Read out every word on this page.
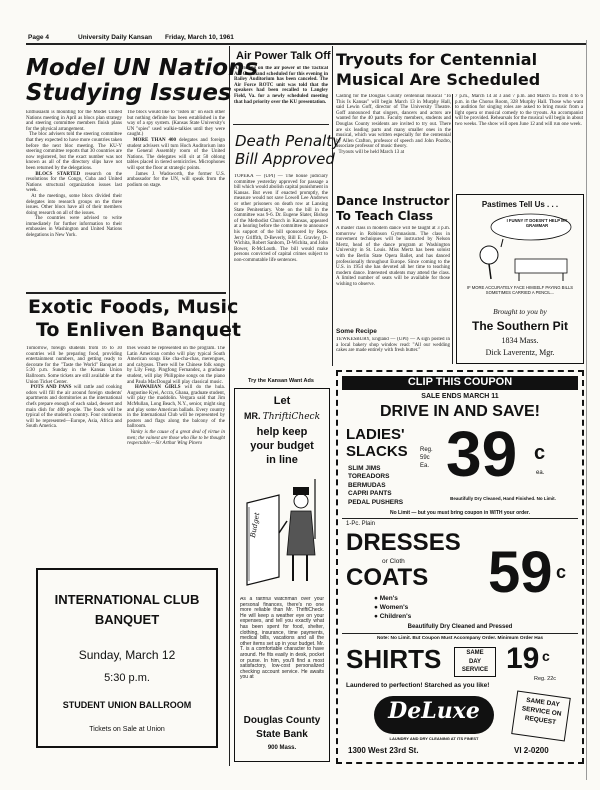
Page 4	University Daily Kansan Friday, March 10, 1961
Model UN Nations
Studying Issues
Enthusiasm is mounting for the Model United Nations meeting in April as blocs plan strategy and steering committee members finish plans for the physical arrangement.
The bloc advisers told the steering committee that they expected to have more countries taken before the next bloc meeting. The KU-Y steering committee reports that 30 countries are now registered, but the exact number was not known as all of the directory slips have not been returned by the delegations.
BLOCS STARTED research on the resolutions for the Congo, Cuba and United Nations structural organization issues last week.
At the meetings, some blocs divided their delegates into research groups on the three issues. Other blocs have all of their members doing research on all of the issues.
The countries were advised to write immediately for further information to their embassies in Washington and United Nations delegations in New York.
The blocs would like to "listen in" on each other but nothing definite has been established in the way of a spy system. (Kansas State University's UN "spies" used walkie-talkies until they were caught.)
MORE THAN 400 delegates and foreign student advisers will turn Hoch Auditorium into the General Assembly room of the United Nations. The delegates will sit at 50 oblong tables placed in tiered semicircles. Microphones will spot the floor at strategic points.
James J. Wadsworth, the former U.S. ambassador for the UN, will speak from the podium on stage.
Exotic Foods, Music
To Enliven Banquet
Tomorrow, foreign students from 16 to 30 countries will be preparing food, providing entertainment numbers, and getting ready to decorate for the "Taste the World" Banquet at 5:30 p.m. Sunday in the Kansas Union Ballroom. Some tickets are still available at the Union Ticket Center.
POTS AND PANS will rattle and cooking odors will fill the air around foreign students' apartments and dormitories as the international chefs prepare enough of each salad, dessert and main dish for 400 people. The foods will be typical of the student's country. Four continents will be represented—Europe, Asia, Africa and South America.
tries would be represented on the program. The Latin American combo will play typical South American songs like cha-cha-chas, merengues, and calypsos. There will be Chinese folk songs by Lily Feng. Pingfong Fernandez, a graduate student, will play Philippine songs on the piano and Paula MacDougal will play classical music.
HAWAIIAN GIRLS will do the hula. Augustine Kyei, Accra, Ghana, graduate student, will play the maddolin. Vergara said that Jim McMullan, Long Beach, N.Y., senior, might sing and play some American ballads. Every country in the International Club will be represented by posters and flags along the balcony of the ballroom.
Vanity is the cause of a great deal of virtue in men; the vainest are those who like to be thought respectable.—Sir Arthur Wing Pinero
INTERNATIONAL CLUB
BANQUET
Sunday, March 12
5:30 p.m.
STUDENT UNION BALLROOM
Tickets on Sale at Union
Air Power Talk Off
A briefing on the air power of the Tactical Air Command scheduled for this evening in Bailey Auditorium has been canceled. The Air Force ROTC unit was told that the speakers had been recalled to Langley Field, Va. for a newly scheduled meeting that had priority over the KU presentation.
Death Penalty
Bill Approved
TOPEKA — (UPI) — The house judiciary committee yesterday approved for passage a bill which would abolish capital punishment in Kansas. But even if enacted promptly, the measure would not save Lowell Lee Andrews or other prisoners on death row at Lansing State Penitentiary. Vote on the bill in the committee was 9-6. Dr. Eugene Slater, Bishop of the Methodist Church in Kansas, appeared at a hearing before the committee to announce his support of the bill sponsored by Reps. Jerry Griffith, D-Beverly, Bill E. Gravley, D-Wichita, Robert Sanborn, D-Wichita, and John Bower, R-McLouth. The bill would make persons convicted of capital crimes subject to non-commutable life sentences.
Try the Kansan Want Ads
Let
MR. ThriftiCheck
help keep
your budget
in line
Budget
As a faithful watchman over your personal finances, there's no one more reliable than Mr. ThriftiCheck. He will keep a weather eye on your expenses, and tell you exactly what has been spent for food, shelter, clothing, insurance, time payments, medical bills, vacations and all the other items set up in your budget. Mr. T. is a comfortable character to have around. He fits easily in desk, pocket or purse. In him, you'll find a most satisfactory, low-cost personalized checking account service. He awaits you at
Douglas County
State Bank
900 Mass.
Tryouts for Centennial
Musical Are Scheduled
Casting for the Douglas County centennial musical "To This Is Kansas" will begin March 13 in Murphy Hall, said Lewin Goff, director of The University Theatre. Goff announced that singers, dancers and actors are wanted for the 40 parts. Faculty members, students and Douglas County residents are invited to try out. There are six leading parts and many smaller ones in the musical, which was written especially for the centennial by Allen Crafton, professor of speech and John Pozdro, associate professor of music theory.
Tryouts will be held March 13 at
7 p.m., March 14 at 3 and 7 p.m. and March 15 from 4 to 6 p.m. in the Chorus Room, 328 Murphy Hall. Those who want to audition for singing roles are asked to bring music from a light opera or musical comedy to the tryouts. An accompanist will be provided. Rehearsals for the musical will begin in about two weeks. The show will open June 12 and will run one week.
Dance Instructor
To Teach Class
A master class in modern dance will be taught at 3 p.m. tomorrow in Robinson Gymnasium. The class in movement techniques will be instructed by Nelson Mertz, head of the dance program at Washington University in St. Louis. Miss Mertz has been soloist with the Berlin State Opera Ballet, and has danced professionally throughout Europe. Since coming to the U.S. in 1954 she has devoted all her time to teaching modern dance. Interested students may attend the class. A limited number of seats will be available for those wishing to observe.
Some Recipe
TEWKESBURY, England — (UPI) — A sign posted in a local bakery shop window read: "All our wedding cakes are made entirely with fresh butter."
Pastimes Tell Us . . .
I FUNNY IT DOESN'T HELP MY GRAMMAR
IF MORE ACCURATELY FACE HIMSELF PAYING BILLS SOMETIMES CARRIED A PENCIL...
Brought to you by
The Southern Pit
1834 Mass.
Dick Laverentz, Mgr.
CLIP THIS COUPON
SALE ENDS MARCH 11
DRIVE IN AND SAVE!
LADIES'
SLACKS
SLIM JIMS
TOREADORS
BERMUDAS
CAPRI PANTS
PEDAL PUSHERS
Reg.
59c
Ea. 39 c
ea.
Beautifully Dry Cleaned, Hand Finished. No Limit.
No Limit — but you must bring coupon in WITH your order.
1-Pc. Plain
DRESSES
or Cloth
COATS
● Men's
● Women's
● Children's
59 c
Beautifully Dry Cleaned and Pressed
Note: No Limit. But Coupon Must Accompany Order. Minimum Order Has
SHIRTS	SAME
DAY
SERVICE 19 c
Reg. 22c
Laundered to perfection! Starched as you like!
DeLuxe
LAUNDRY AND DRY CLEANING AT ITS FINEST
SAME DAY SERVICE ON REQUEST
1300 West 23rd St.	VI 2-0200
